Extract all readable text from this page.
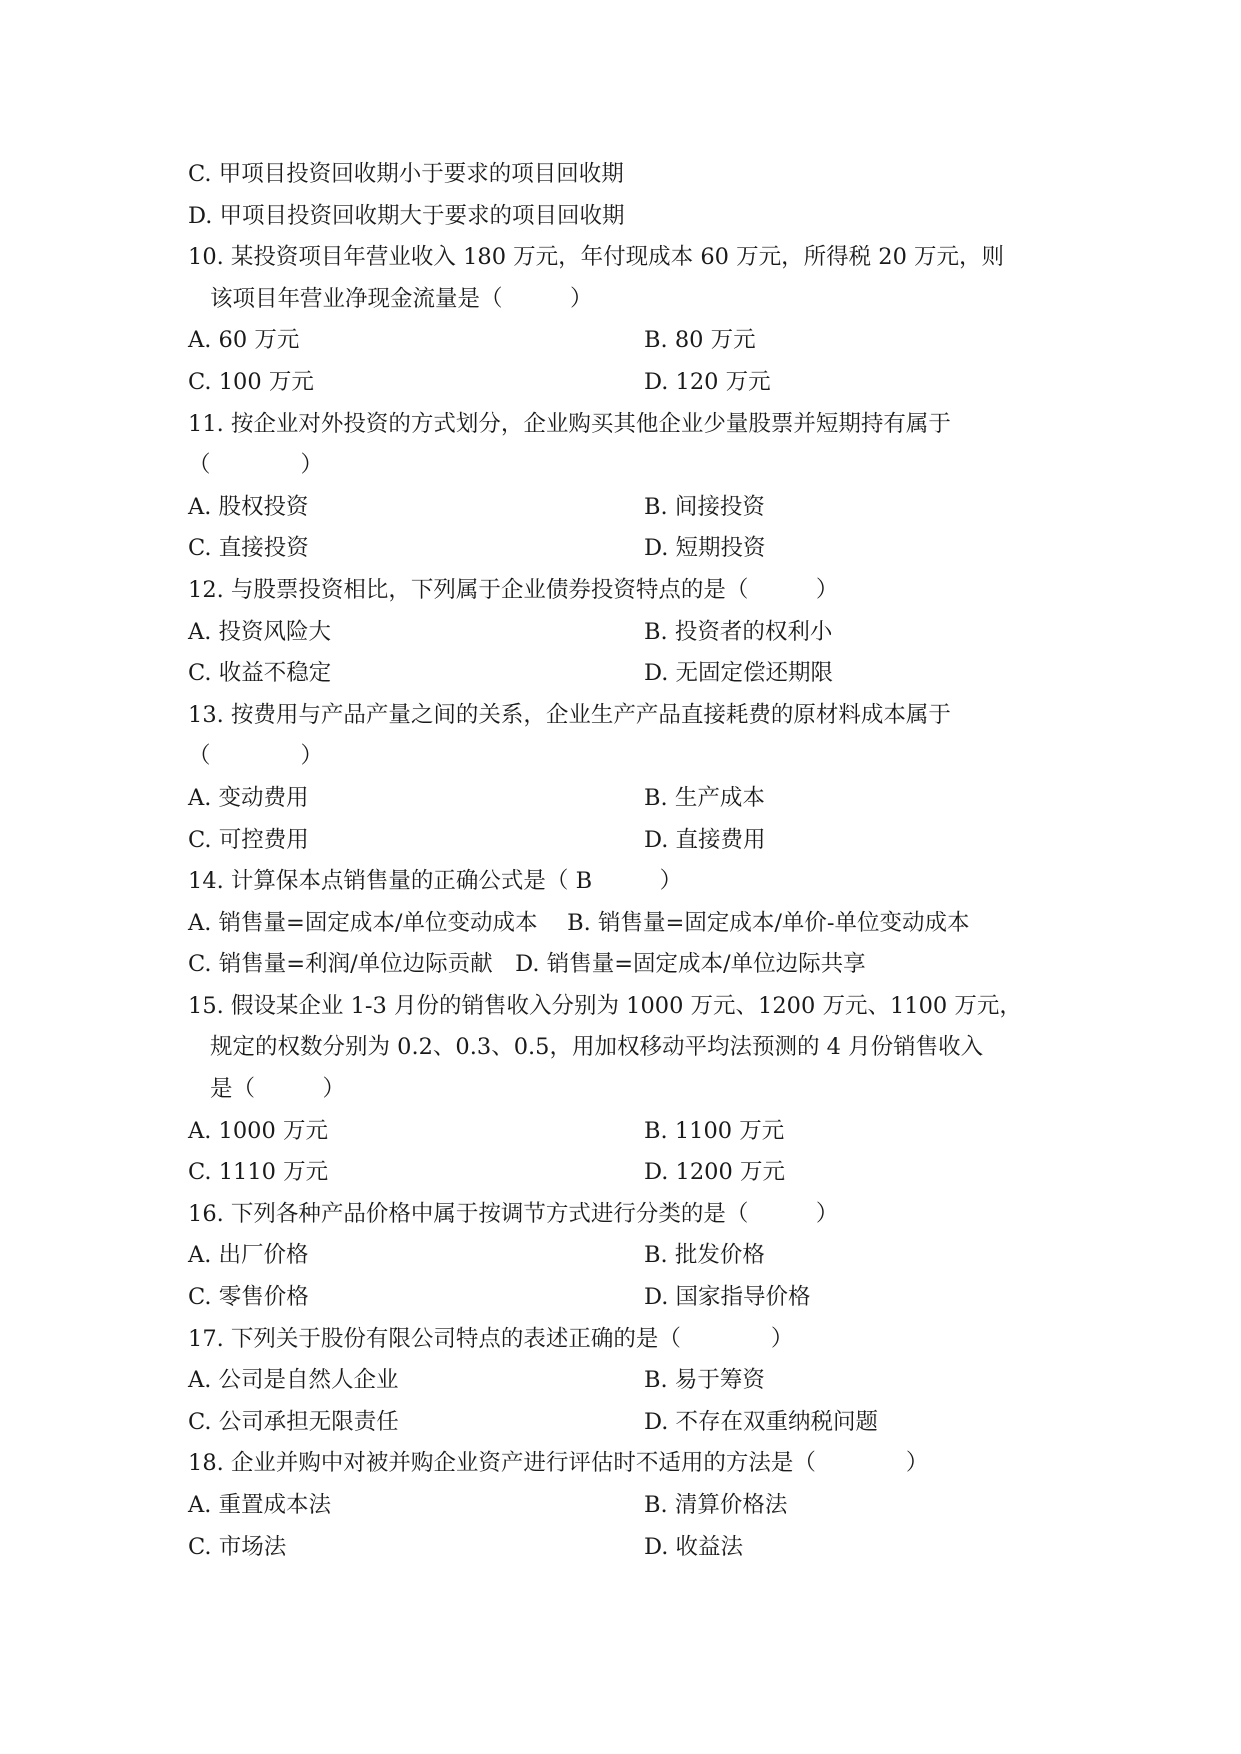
C. 甲项目投资回收期小于要求的项目回收期
D. 甲项目投资回收期大于要求的项目回收期
10. 某投资项目年营业收入 180 万元，年付现成本 60 万元，所得税 20 万元，则
该项目年营业净现金流量是（　　　）
A. 60 万元	B. 80 万元
C. 100 万元	D. 120 万元
11. 按企业对外投资的方式划分，企业购买其他企业少量股票并短期持有属于
（　　　　）
A. 股权投资	B. 间接投资
C. 直接投资	D. 短期投资
12. 与股票投资相比，下列属于企业债券投资特点的是（　　　）
A. 投资风险大	B. 投资者的权利小
C. 收益不稳定	D. 无固定偿还期限
13. 按费用与产品产量之间的关系，企业生产产品直接耗费的原材料成本属于
（　　　　）
A. 变动费用	B. 生产成本
C. 可控费用	D. 直接费用
14. 计算保本点销售量的正确公式是（ B　　　）
A. 销售量=固定成本/单位变动成本　 B. 销售量=固定成本/单价-单位变动成本
C. 销售量=利润/单位边际贡献　D. 销售量=固定成本/单位边际共享
15. 假设某企业 1-3 月份的销售收入分别为 1000 万元、1200 万元、1100 万元，
规定的权数分别为 0.2、0.3、0.5，用加权移动平均法预测的 4 月份销售收入
是（　　　）
A. 1000 万元	B. 1100 万元
C. 1110 万元	D. 1200 万元
16. 下列各种产品价格中属于按调节方式进行分类的是（　　　）
A. 出厂价格	B. 批发价格
C. 零售价格	D. 国家指导价格
17. 下列关于股份有限公司特点的表述正确的是（　　　　）
A. 公司是自然人企业	B. 易于筹资
C. 公司承担无限责任	D. 不存在双重纳税问题
18. 企业并购中对被并购企业资产进行评估时不适用的方法是（　　　　）
A. 重置成本法	B. 清算价格法
C. 市场法	D. 收益法
